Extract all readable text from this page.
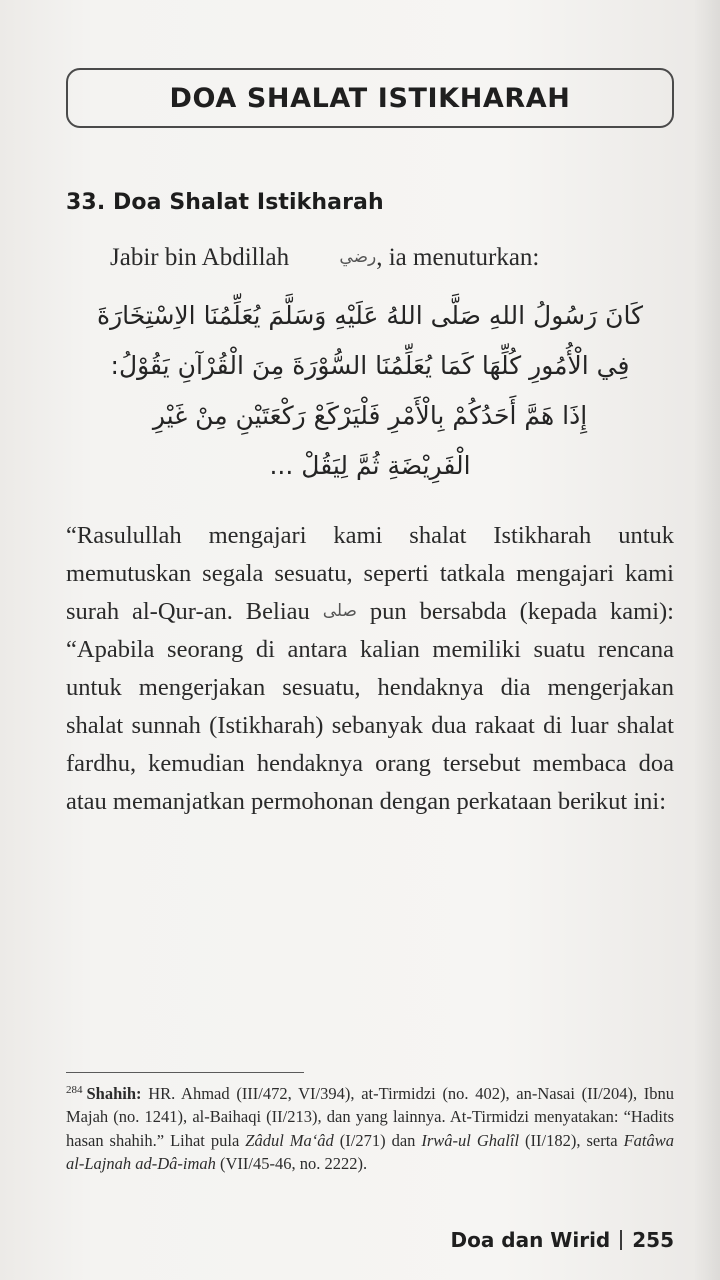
DOA SHALAT ISTIKHARAH
33. Doa Shalat Istikharah
Jabir bin Abdillah	رضي, ia menuturkan:
كَانَ رَسُولُ اللهِ صَلَّى اللهُ عَلَيْهِ وَسَلَّمَ يُعَلِّمُنَا الاِسْتِخَارَةَ
فِي الْأُمُورِ كُلِّهَا كَمَا يُعَلِّمُنَا السُّوْرَةَ مِنَ الْقُرْآنِ يَقُوْلُ:
إِذَا هَمَّ أَحَدُكُمْ بِالْأَمْرِ فَلْيَرْكَعْ رَكْعَتَيْنِ مِنْ غَيْرِ
الْفَرِيْضَةِ ثُمَّ لِيَقُلْ ...

“Rasulullah mengajari kami shalat Istikharah untuk memutuskan segala sesuatu, seperti tatkala mengajari kami surah al-Qur-an. Beliau صلى pun bersabda (kepada kami): “Apabila seorang di antara kalian memiliki suatu rencana untuk mengerjakan sesuatu, hendaknya dia mengerjakan shalat sunnah (Istikharah) sebanyak dua rakaat di luar shalat fardhu, kemudian hendaknya orang tersebut membaca doa atau memanjatkan permohonan dengan perkataan berikut ini:

$^{284}$ Shahih: HR. Ahmad (III/472, VI/394), at-Tirmidzi (no. 402), an-Nasai (II/204), Ibnu Majah (no. 1241), al-Baihaqi (II/213), dan yang lainnya. At-Tirmidzi menyatakan: “Hadits hasan shahih.” Lihat pula Zâdul Ma‘âd (I/271) dan Irwâ-ul Ghalîl (II/182), serta Fatâwa al-Lajnah ad-Dâ-imah (VII/45-46, no. 2222).
Doa dan Wirid 255
